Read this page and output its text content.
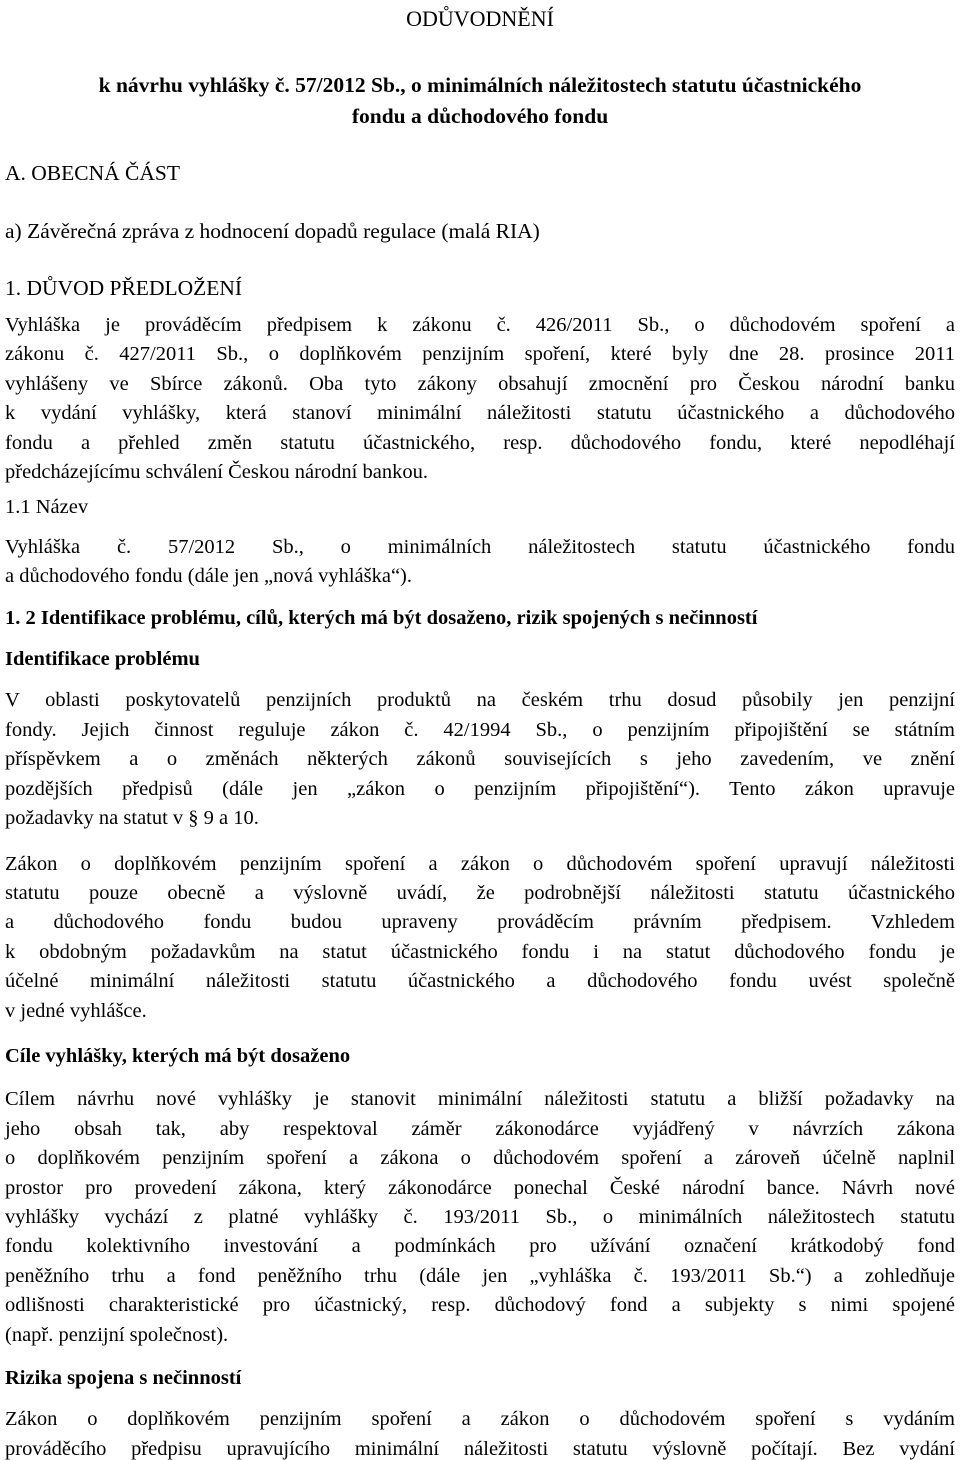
ODŮVODNĚNÍ
k návrhu vyhlášky č. 57/2012 Sb., o minimálních náležitostech statutu účastnického
fondu a důchodového fondu

A. OBECNÁ ČÁST

a) Závěrečná zpráva z hodnocení dopadů regulace (malá RIA)

1. DŮVOD PŘEDLOŽENÍ

Vyhláška je prováděcím předpisem k zákonu č. 426/2011 Sb., o důchodovém spoření a

zákonu č. 427/2011 Sb., o doplňkovém penzijním spoření, které byly dne 28. prosince 2011

vyhlášeny ve Sbírce zákonů. Oba tyto zákony obsahují zmocnění pro Českou národní banku

k vydání vyhlášky, která stanoví minimální náležitosti statutu účastnického a důchodového

fondu a přehled změn statutu účastnického, resp. důchodového fondu, které nepodléhají

předcházejícímu schválení Českou národní bankou.

1.1 Název

Vyhláška č. 57/2012 Sb., o minimálních náležitostech statutu účastnického fondu

a důchodového fondu (dále jen „nová vyhláška“).

1. 2 Identifikace problému, cílů, kterých má být dosaženo, rizik spojených s nečinností

Identifikace problému

V oblasti poskytovatelů penzijních produktů na českém trhu dosud působily jen penzijní

fondy. Jejich činnost reguluje zákon č. 42/1994 Sb., o penzijním připojištění se státním

příspěvkem a o změnách některých zákonů souvisejících s jeho zavedením, ve znění

pozdějších předpisů (dále jen „zákon o penzijním připojištění“). Tento zákon upravuje

požadavky na statut v § 9 a 10.

Zákon o doplňkovém penzijním spoření a zákon o důchodovém spoření upravují náležitosti

statutu pouze obecně a výslovně uvádí, že podrobnější náležitosti statutu účastnického

a důchodového fondu budou upraveny prováděcím právním předpisem. Vzhledem

k obdobným požadavkům na statut účastnického fondu i na statut důchodového fondu je

účelné minimální náležitosti statutu účastnického a důchodového fondu uvést společně

v jedné vyhlášce.

Cíle vyhlášky, kterých má být dosaženo

Cílem návrhu nové vyhlášky je stanovit minimální náležitosti statutu a bližší požadavky na

jeho obsah tak, aby respektoval záměr zákonodárce vyjádřený v návrzích zákona

o doplňkovém penzijním spoření a zákona o důchodovém spoření a zároveň účelně naplnil

prostor pro provedení zákona, který zákonodárce ponechal České národní bance. Návrh nové

vyhlášky vychází z platné vyhlášky č. 193/2011 Sb., o minimálních náležitostech statutu

fondu kolektivního investování a podmínkách pro užívání označení krátkodobý fond

peněžního trhu a fond peněžního trhu (dále jen „vyhláška č. 193/2011 Sb.“) a zohledňuje

odlišnosti charakteristické pro účastnický, resp. důchodový fond a subjekty s nimi spojené

(např. penzijní společnost).

Rizika spojena s nečinností

Zákon o doplňkovém penzijním spoření a zákon o důchodovém spoření s vydáním

prováděcího předpisu upravujícího minimální náležitosti statutu výslovně počítají. Bez vydání
